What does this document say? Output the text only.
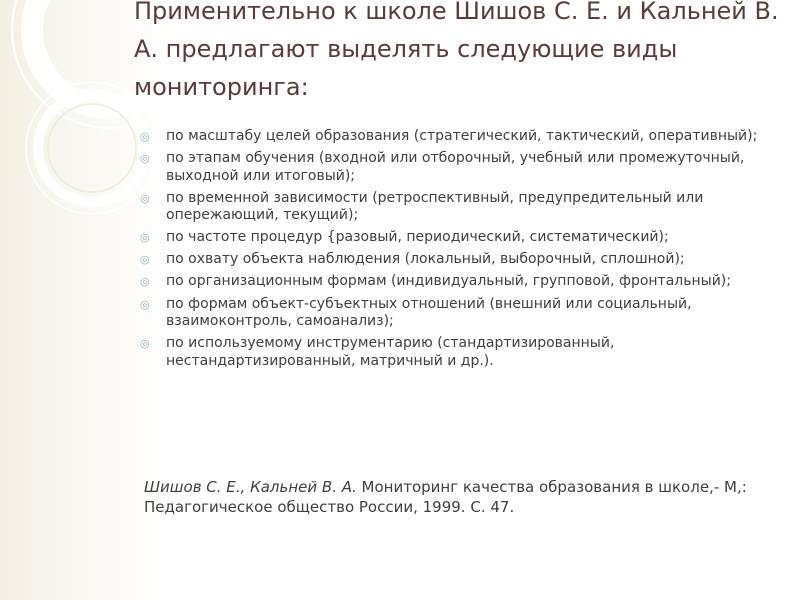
Применительно к школе Шишов С. Е. и Кальней В. А. предлагают выделять следующие виды мониторинга:
◎ по масштабу целей образования (стратегический, тактический, оперативный);
◎ по этапам обучения (входной или отборочный, учебный или промежуточный, выходной или итоговый);
◎ по временной зависимости (ретроспективный, предупредительный или опережающий, текущий);
◎ по частоте процедур {разовый, периодический, систематический);
◎ по охвату объекта наблюдения (локальный, выборочный, сплошной);
◎ по организационным формам (индивидуальный, групповой, фронтальный);
◎ по формам объект-субъектных отношений (внешний или социальный, взаимоконтроль, самоанализ);
◎ по используемому инструментарию (стандартизированный, нестандартизированный, матричный и др.).

Шишов С. Е., Кальней В. А. Мониторинг качества образования в школе,- М,: Педагогическое общество России, 1999. С. 47.
